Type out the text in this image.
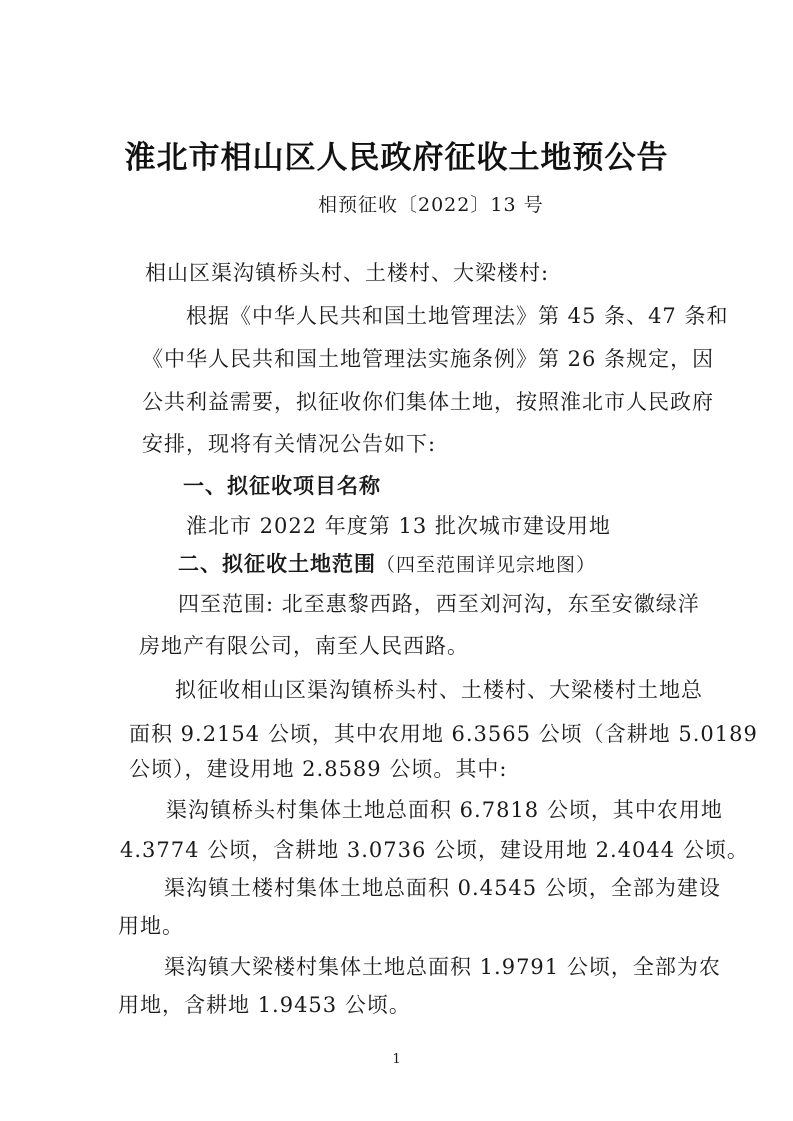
淮北市相山区人民政府征收土地预公告
相预征收〔2022〕13 号
相山区渠沟镇桥头村、土楼村、大梁楼村:
根据《中华人民共和国土地管理法》第 45 条、47 条和
《中华人民共和国土地管理法实施条例》第 26 条规定，因
公共利益需要，拟征收你们集体土地，按照淮北市人民政府
安排，现将有关情况公告如下:
一、拟征收项目名称
淮北市 2022 年度第 13 批次城市建设用地
二、拟征收土地范围（四至范围详见宗地图）
四至范围: 北至惠黎西路，西至刘河沟，东至安徽绿洋
房地产有限公司，南至人民西路。
拟征收相山区渠沟镇桥头村、土楼村、大梁楼村土地总
面积 9.2154 公顷，其中农用地 6.3565 公顷（含耕地 5.0189
公顷），建设用地 2.8589 公顷。其中:
渠沟镇桥头村集体土地总面积 6.7818 公顷，其中农用地
4.3774 公顷，含耕地 3.0736 公顷，建设用地 2.4044 公顷。
渠沟镇土楼村集体土地总面积 0.4545 公顷，全部为建设
用地。
渠沟镇大梁楼村集体土地总面积 1.9791 公顷，全部为农
用地，含耕地 1.9453 公顷。
1
